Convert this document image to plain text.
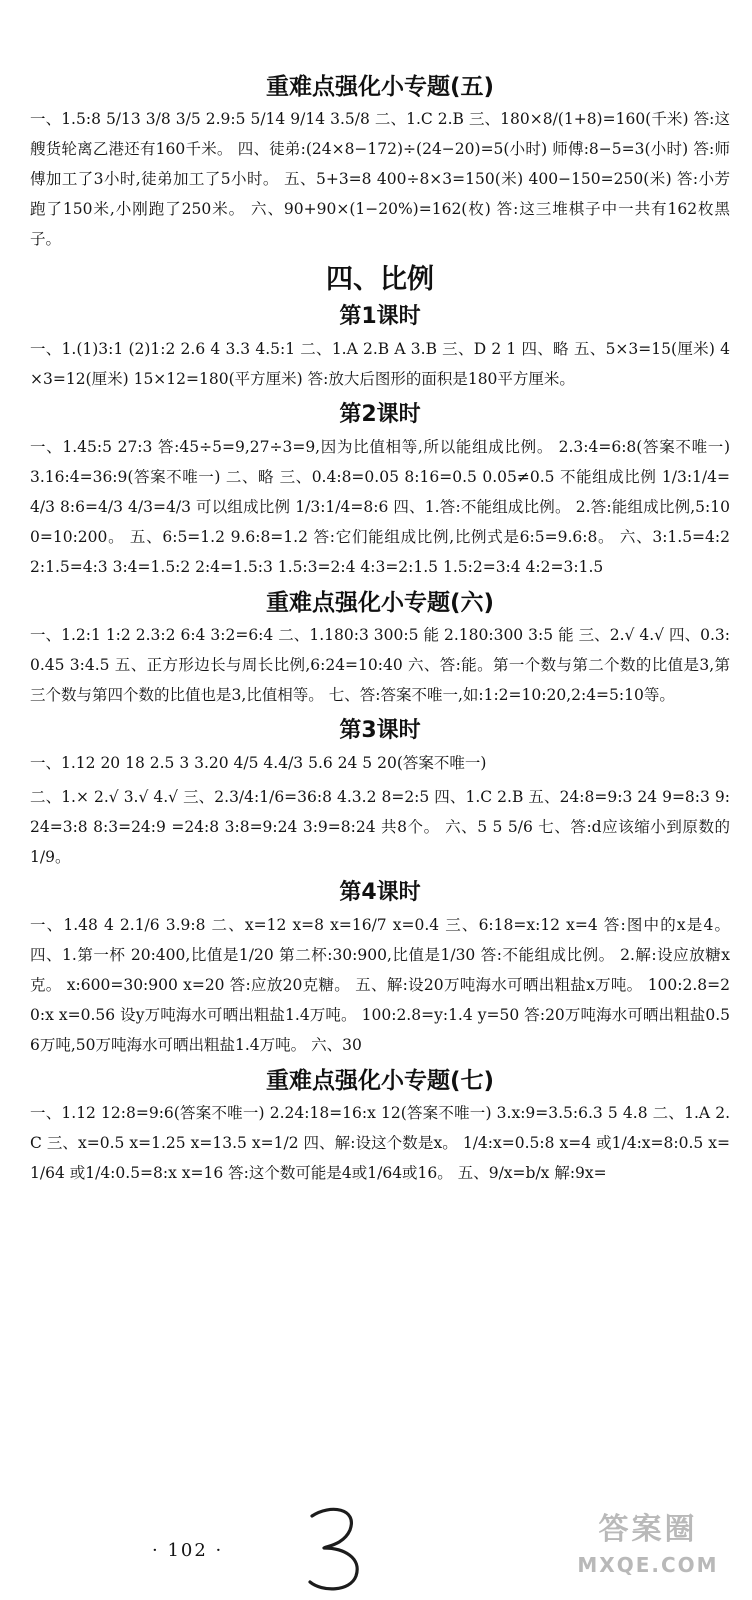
重难点强化小专题(五)

一、1.5:8 5/13 3/8 3/5 2.9:5 5/14 9/14 3.5/8 二、1.C 2.B 三、180×8/(1+8)=160(千米) 答:这艘货轮离乙港还有160千米。 四、徒弟:(24×8−172)÷(24−20)=5(小时) 师傅:8−5=3(小时) 答:师傅加工了3小时,徒弟加工了5小时。 五、5+3=8 400÷8×3=150(米) 400−150=250(米) 答:小芳跑了150米,小刚跑了250米。 六、90+90×(1−20%)=162(枚) 答:这三堆棋子中一共有162枚黑子。

四、比例
第1课时

一、1.(1)3:1 (2)1:2 2.6 4 3.3 4.5:1 二、1.A 2.B A 3.B 三、D 2 1 四、略 五、5×3=15(厘米) 4×3=12(厘米) 15×12=180(平方厘米) 答:放大后图形的面积是180平方厘米。

第2课时

一、1.45:5 27:3 答:45÷5=9,27÷3=9,因为比值相等,所以能组成比例。 2.3:4=6:8(答案不唯一) 3.16:4=36:9(答案不唯一) 二、略 三、0.4:8=0.05 8:16=0.5 0.05≠0.5 不能组成比例 1/3:1/4=4/3 8:6=4/3 4/3=4/3 可以组成比例 1/3:1/4=8:6 四、1.答:不能组成比例。 2.答:能组成比例,5:100=10:200。 五、6:5=1.2 9.6:8=1.2 答:它们能组成比例,比例式是6:5=9.6:8。 六、3:1.5=4:2 2:1.5=4:3 3:4=1.5:2 2:4=1.5:3 1.5:3=2:4 4:3=2:1.5 1.5:2=3:4 4:2=3:1.5

重难点强化小专题(六)

一、1.2:1 1:2 2.3:2 6:4 3:2=6:4 二、1.180:3 300:5 能 2.180:300 3:5 能 三、2.√ 4.√ 四、0.3:0.45 3:4.5 五、正方形边长与周长比例,6:24=10:40 六、答:能。第一个数与第二个数的比值是3,第三个数与第四个数的比值也是3,比值相等。 七、答:答案不唯一,如:1:2=10:20,2:4=5:10等。

第3课时

一、1.12 20 18 2.5 3 3.20 4/5 4.4/3 5.6 24 5 20(答案不唯一)

二、1.× 2.√ 3.√ 4.√ 三、2.3/4:1/6=36:8 4.3.2 8=2:5 四、1.C 2.B 五、24:8=9:3 24 9=8:3 9:24=3:8 8:3=24:9 =24:8 3:8=9:24 3:9=8:24 共8个。 六、5 5 5/6 七、答:d应该缩小到原数的1/9。

第4课时

一、1.48 4 2.1/6 3.9:8 二、x=12 x=8 x=16/7 x=0.4 三、6:18=x:12 x=4 答:图中的x是4。 四、1.第一杯 20:400,比值是1/20 第二杯:30:900,比值是1/30 答:不能组成比例。 2.解:设应放糖x克。 x:600=30:900 x=20 答:应放20克糖。 五、解:设20万吨海水可晒出粗盐x万吨。 100:2.8=20:x x=0.56 设y万吨海水可晒出粗盐1.4万吨。 100:2.8=y:1.4 y=50 答:20万吨海水可晒出粗盐0.56万吨,50万吨海水可晒出粗盐1.4万吨。 六、30

重难点强化小专题(七)

一、1.12 12:8=9:6(答案不唯一) 2.24:18=16:x 12(答案不唯一) 3.x:9=3.5:6.3 5 4.8 二、1.A 2.C 三、x=0.5 x=1.25 x=13.5 x=1/2 四、解:设这个数是x。 1/4:x=0.5:8 x=4 或1/4:x=8:0.5 x=1/64 或1/4:0.5=8:x x=16 答:这个数可能是4或1/64或16。 五、9/x=b/x 解:9x=

· 102 ·
答案圈
MXQE.COM
